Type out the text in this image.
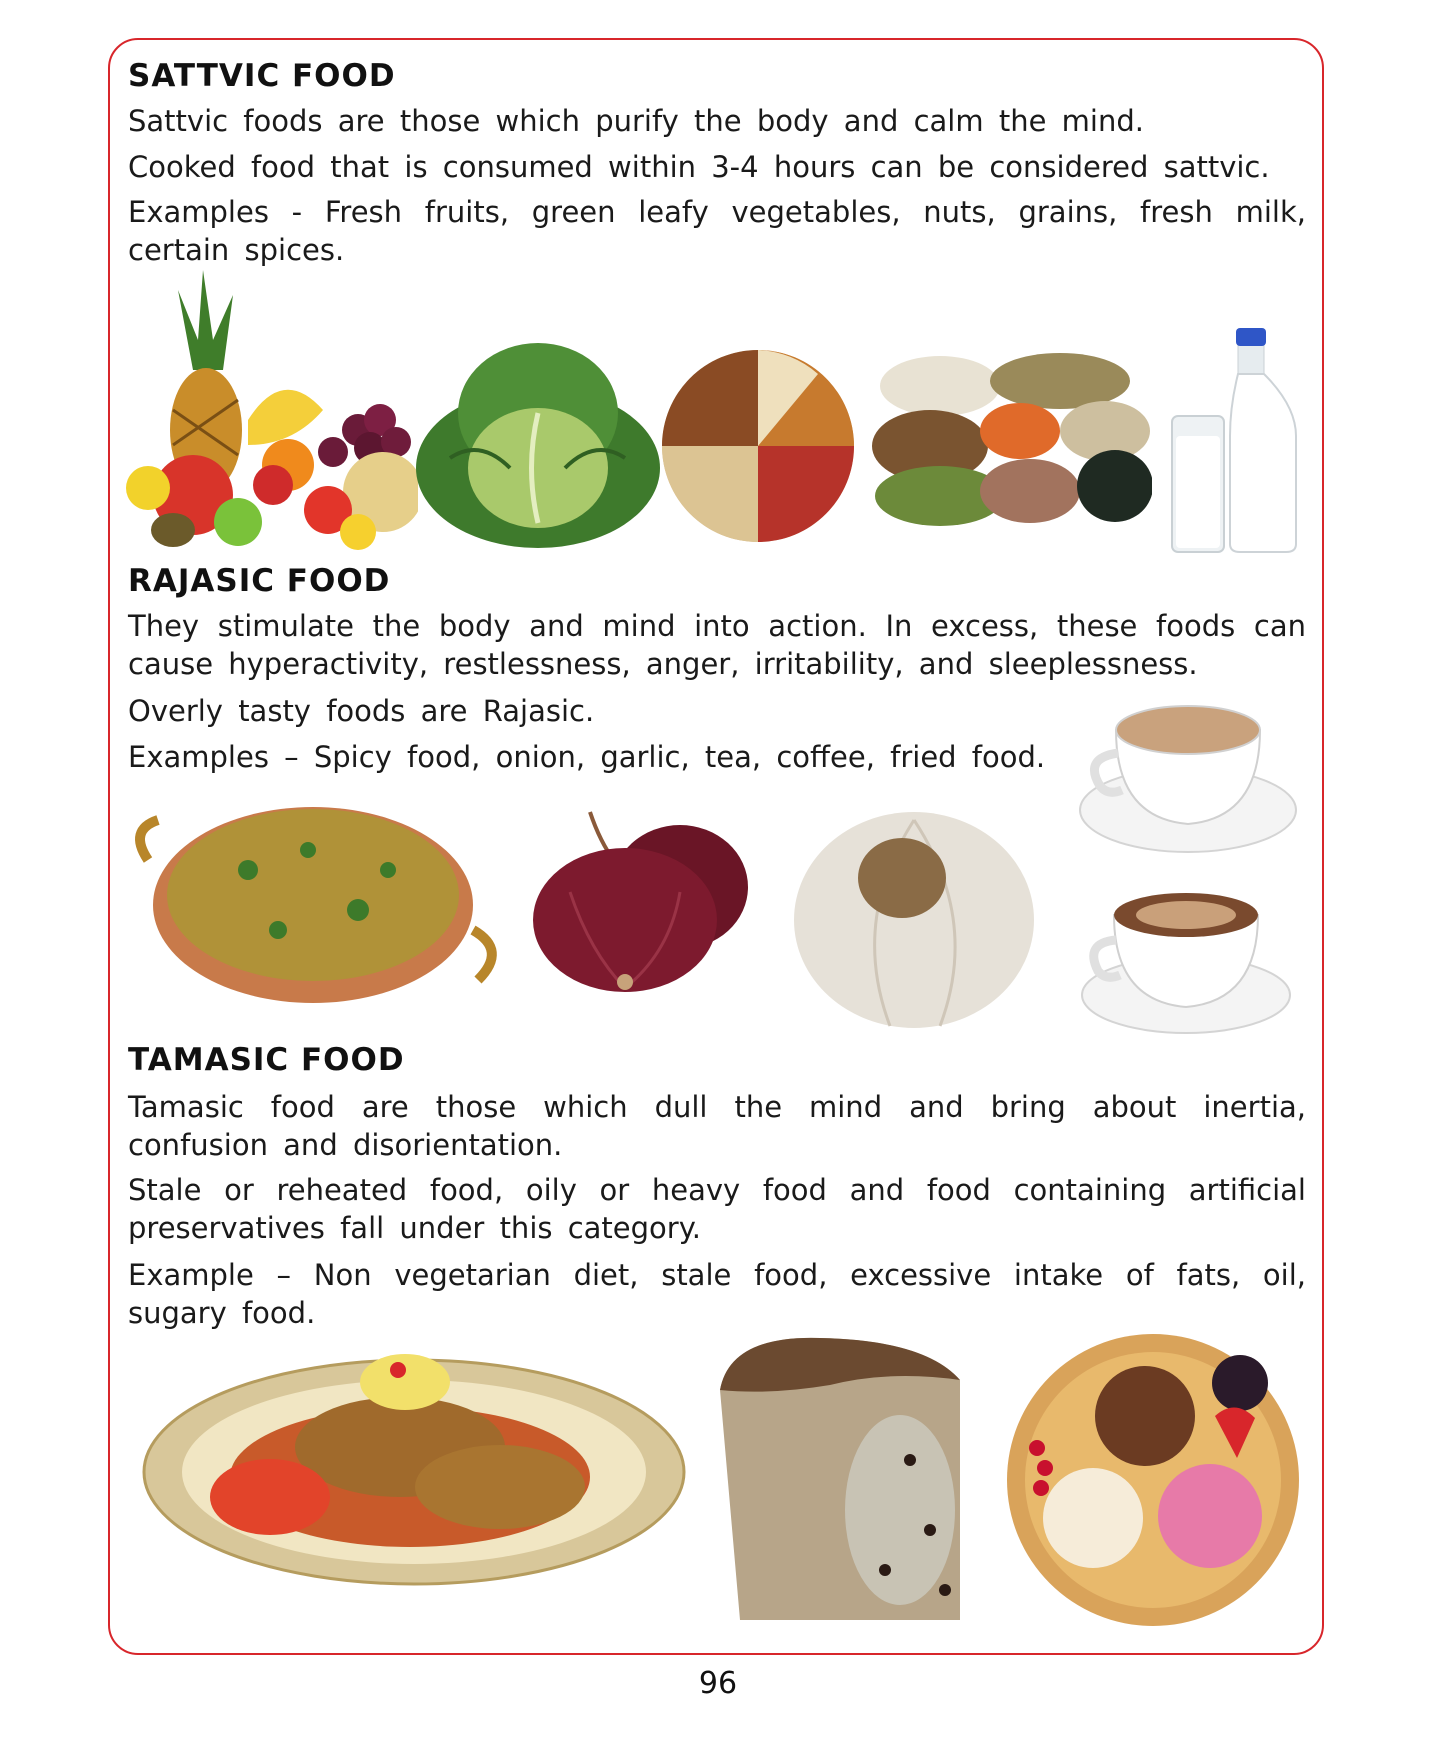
SATTVIC FOOD
Sattvic foods are those which purify the body and calm the mind.
Cooked food that is consumed within 3-4 hours can be considered sattvic.
Examples - Fresh fruits, green leafy vegetables, nuts, grains, fresh milk, certain spices.
RAJASIC FOOD
They stimulate the body and mind into action. In excess, these foods can cause hyperactivity, restlessness, anger, irritability, and sleeplessness.
Overly tasty foods are Rajasic.
Examples – Spicy food, onion, garlic, tea, coffee, fried food.
TAMASIC FOOD
Tamasic food are those which dull the mind and bring about inertia, confusion and disorientation.
Stale or reheated food, oily or heavy food and food containing artificial preservatives fall under this category.
Example – Non vegetarian diet, stale food, excessive intake of fats, oil, sugary food.
96
